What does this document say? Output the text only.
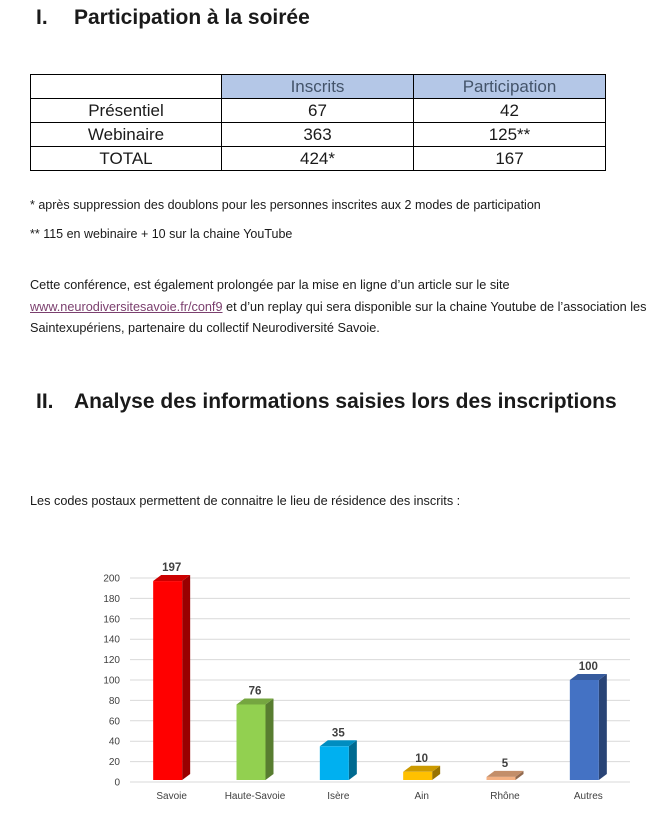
I. Participation à la soirée
	Inscrits	Participation
Présentiel	67	42
Webinaire	363	125**
TOTAL	424*	167

* après suppression des doublons pour les personnes inscrites aux 2 modes de participation

** 115 en webinaire + 10 sur la chaine YouTube

Cette conférence, est également prolongée par la mise en ligne d’un article sur le site
www.neurodiversitesavoie.fr/conf9 et d’un replay qui sera disponible sur la chaine Youtube de l’association les Saintexupériens, partenaire du collectif Neurodiversité Savoie.

II. Analyse des informations saisies lors des inscriptions

Les codes postaux permettent de connaitre le lieu de résidence des inscrits :

0
20
40
60
80
100
120
140
160
180
200
197
Savoie
76
Haute-Savoie
35
Isère
10
Ain
5
Rhône
100
Autres
